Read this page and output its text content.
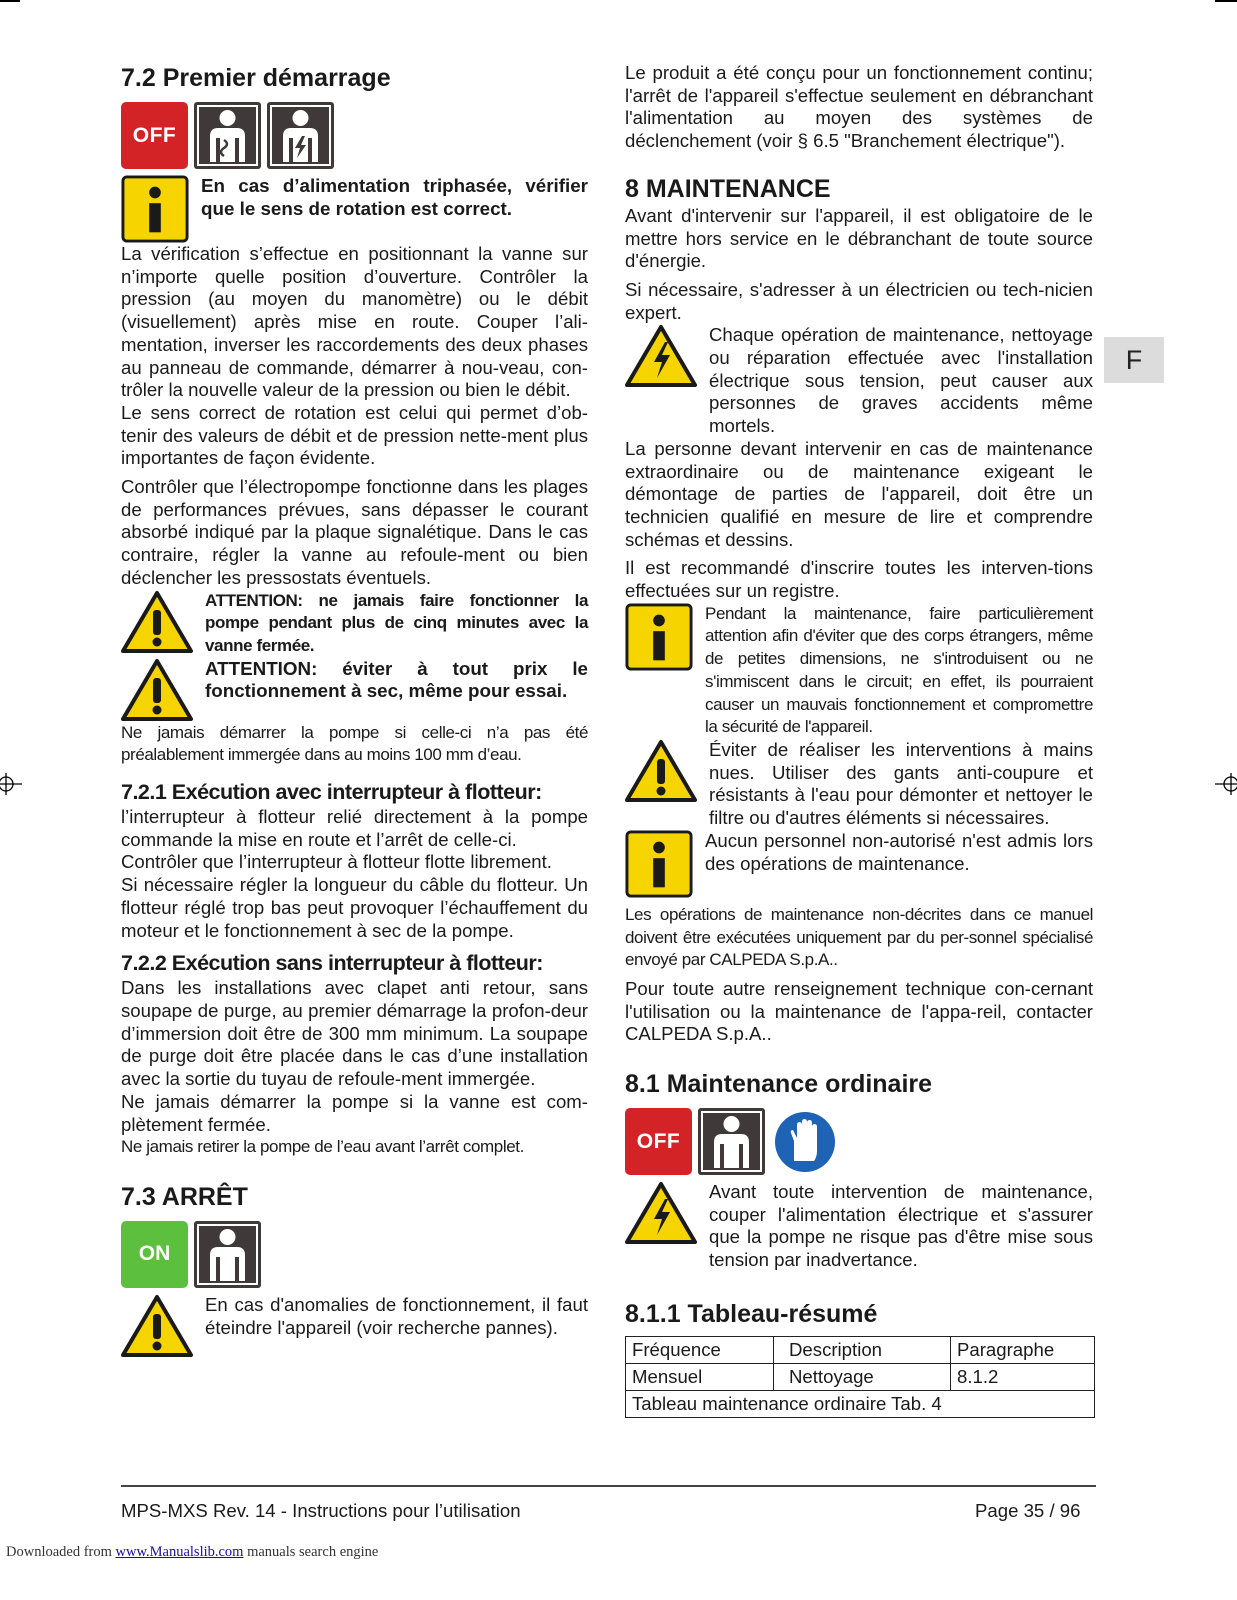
7.2 Premier démarrage
OFF

En cas d’alimentation triphasée, vérifier que le sens de rotation est correct.

La vérification s’effectue en positionnant la vanne sur n’importe quelle position d’ouverture. Contrôler la pression (au moyen du manomètre) ou le débit (visuellement) après mise en route. Couper l’ali-mentation, inverser les raccordements des deux phases au panneau de commande, démarrer à nou-veau, con-trôler la nouvelle valeur de la pression ou bien le débit.

Le sens correct de rotation est celui qui permet d’ob-tenir des valeurs de débit et de pression nette-ment plus importantes de façon évidente.

Contrôler que l’électropompe fonctionne dans les plages de performances prévues, sans dépasser le courant absorbé indiqué par la plaque signalétique. Dans le cas contraire, régler la vanne au refoule-ment ou bien déclencher les pressostats éventuels.

ATTENTION: ne jamais faire fonctionner la pompe pendant plus de cinq minutes avec la vanne fermée.

ATTENTION: éviter à tout prix le fonctionnement à sec, même pour essai.

Ne jamais démarrer la pompe si celle-ci n’a pas été préalablement immergée dans au moins 100 mm d’eau.

7.2.1 Exécution avec interrupteur à flotteur:

l’interrupteur à flotteur relié directement à la pompe commande la mise en route et l’arrêt de celle-ci.

Contrôler que l’interrupteur à flotteur flotte librement.

Si nécessaire régler la longueur du câble du flotteur. Un flotteur réglé trop bas peut provoquer l’échauffement du moteur et le fonctionnement à sec de la pompe.

7.2.2 Exécution sans interrupteur à flotteur:

Dans les installations avec clapet anti retour, sans soupape de purge, au premier démarrage la profon-deur d’immersion doit être de 300 mm minimum. La soupape de purge doit être placée dans le cas d’une installation avec la sortie du tuyau de refoule-ment immergée.

Ne jamais démarrer la pompe si la vanne est com-plètement fermée.

Ne jamais retirer la pompe de l’eau avant l’arrêt complet.

7.3 ARRÊT
ON

En cas d'anomalies de fonctionnement, il faut éteindre l'appareil (voir recherche pannes).

Le produit a été conçu pour un fonctionnement continu; l'arrêt de l'appareil s'effectue seulement en débranchant l'alimentation au moyen des systèmes de déclenchement (voir § 6.5 "Branchement électrique").

8 MAINTENANCE

Avant d'intervenir sur l'appareil, il est obligatoire de le mettre hors service en le débranchant de toute source d'énergie.

Si nécessaire, s'adresser à un électricien ou tech-nicien expert.

Chaque opération de maintenance, nettoyage ou réparation effectuée avec l'installation électrique sous tension, peut causer aux personnes de graves accidents même mortels.

La personne devant intervenir en cas de maintenance extraordinaire ou de maintenance exigeant le démontage de parties de l'appareil, doit être un technicien qualifié en mesure de lire et comprendre schémas et dessins.

Il est recommandé d'inscrire toutes les interven-tions effectuées sur un registre.

Pendant la maintenance, faire particulièrement attention afin d'éviter que des corps étrangers, même de petites dimensions, ne s'introduisent ou ne s'immiscent dans le circuit; en effet, ils pourraient causer un mauvais fonctionnement et compromettre la sécurité de l'appareil.

Éviter de réaliser les interventions à mains nues. Utiliser des gants anti-coupure et résistants à l'eau pour démonter et nettoyer le filtre ou d'autres éléments si nécessaires.

Aucun personnel non-autorisé n'est admis lors des opérations de maintenance.

Les opérations de maintenance non-décrites dans ce manuel doivent être exécutées uniquement par du per-sonnel spécialisé envoyé par CALPEDA S.p.A..

Pour toute autre renseignement technique con-cernant l'utilisation ou la maintenance de l'appa-reil, contacter CALPEDA S.p.A..

8.1 Maintenance ordinaire
OFF

Avant toute intervention de maintenance, couper l'alimentation électrique et s'assurer que la pompe ne risque pas d'être mise sous tension par inadvertance.

8.1.1 Tableau-résumé
Fréquence	Description	Paragraphe
Mensuel	Nettoyage	8.1.2
Tableau maintenance ordinaire Tab. 4		
F
MPS-MXS Rev. 14 - Instructions pour l’utilisation	Page 35 / 96
Downloaded from www.Manualslib.com manuals search engine
